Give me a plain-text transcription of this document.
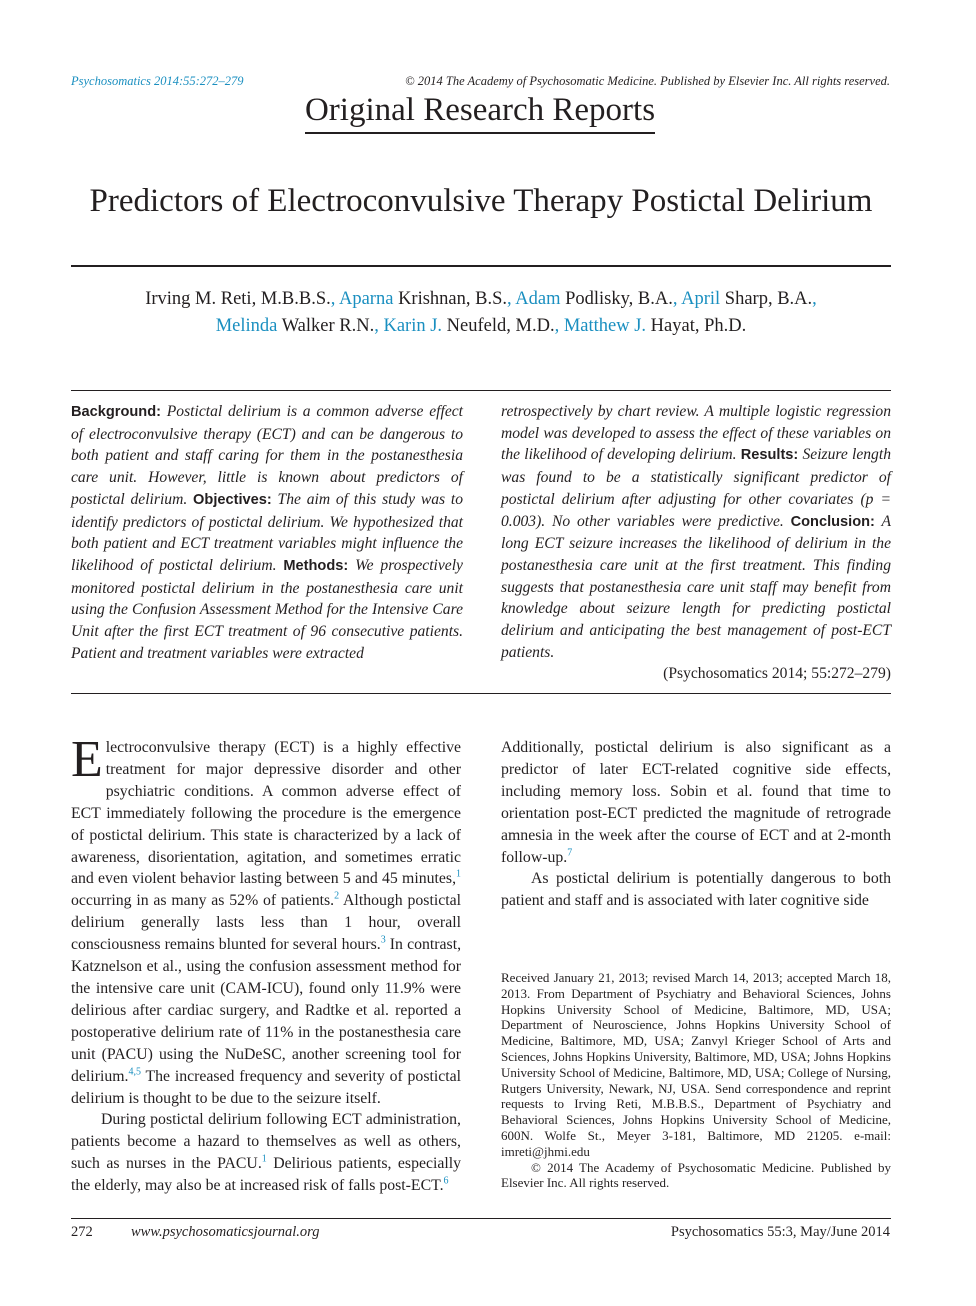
Psychosomatics 2014:55:272–279	© 2014 The Academy of Psychosomatic Medicine. Published by Elsevier Inc. All rights reserved.
Original Research Reports
Predictors of Electroconvulsive Therapy Postictal Delirium
Irving M. Reti, M.B.B.S., Aparna Krishnan, B.S., Adam Podlisky, B.A., April Sharp, B.A.,
Melinda Walker R.N., Karin J. Neufeld, M.D., Matthew J. Hayat, Ph.D.
Background: Postictal delirium is a common adverse effect of electroconvulsive therapy (ECT) and can be dangerous to both patient and staff caring for them in the postanesthesia care unit. However, little is known about predictors of postictal delirium. Objectives: The aim of this study was to identify predictors of postictal delirium. We hypothesized that both patient and ECT treatment variables might influence the likelihood of postictal delirium. Methods: We prospectively monitored postictal delirium in the postanesthesia care unit using the Confusion Assessment Method for the Intensive Care Unit after the first ECT treatment of 96 consecutive patients. Patient and treatment variables were extracted
retrospectively by chart review. A multiple logistic regression model was developed to assess the effect of these variables on the likelihood of developing delirium. Results: Seizure length was found to be a statistically significant predictor of postictal delirium after adjusting for other covariates (p = 0.003). No other variables were predictive. Conclusion: A long ECT seizure increases the likelihood of delirium in the postanesthesia care unit at the first treatment. This finding suggests that postanesthesia care unit staff may benefit from knowledge about seizure length for predicting postictal delirium and anticipating the best management of post-ECT patients.
(Psychosomatics 2014; 55:272–279)

Electroconvulsive therapy (ECT) is a highly effective treatment for major depressive disorder and other psychiatric conditions. A common adverse effect of ECT immediately following the procedure is the emergence of postictal delirium. This state is characterized by a lack of awareness, disorientation, agitation, and sometimes erratic and even violent behavior lasting between 5 and 45 minutes,$^1$ occurring in as many as 52% of patients.$^2$ Although postictal delirium generally lasts less than 1 hour, overall consciousness remains blunted for several hours.$^3$ In contrast, Katznelson et al., using the confusion assessment method for the intensive care unit (CAM-ICU), found only 11.9% were delirious after cardiac surgery, and Radtke et al. reported a postoperative delirium rate of 11% in the postanesthesia care unit (PACU) using the NuDeSC, another screening tool for delirium.$^{4,5}$ The increased frequency and severity of postictal delirium is thought to be due to the seizure itself.

During postictal delirium following ECT administration, patients become a hazard to themselves as well as others, such as nurses in the PACU.$^1$ Delirious patients, especially the elderly, may also be at increased risk of falls post-ECT.$^6$

Additionally, postictal delirium is also significant as a predictor of later ECT-related cognitive side effects, including memory loss. Sobin et al. found that time to orientation post-ECT predicted the magnitude of retrograde amnesia in the week after the course of ECT and at 2-month follow-up.$^7$

As postictal delirium is potentially dangerous to both patient and staff and is associated with later cognitive side

Received January 21, 2013; revised March 14, 2013; accepted March 18, 2013. From Department of Psychiatry and Behavioral Sciences, Johns Hopkins University School of Medicine, Baltimore, MD, USA; Department of Neuroscience, Johns Hopkins University School of Medicine, Baltimore, MD, USA; Zanvyl Krieger School of Arts and Sciences, Johns Hopkins University, Baltimore, MD, USA; Johns Hopkins University School of Medicine, Baltimore, MD, USA; College of Nursing, Rutgers University, Newark, NJ, USA. Send correspondence and reprint requests to Irving Reti, M.B.B.S., Department of Psychiatry and Behavioral Sciences, Johns Hopkins University School of Medicine, 600N. Wolfe St., Meyer 3-181, Baltimore, MD 21205. e-mail: imreti@jhmi.edu

© 2014 The Academy of Psychosomatic Medicine. Published by Elsevier Inc. All rights reserved.

272	www.psychosomaticsjournal.org	Psychosomatics 55:3, May/June 2014
